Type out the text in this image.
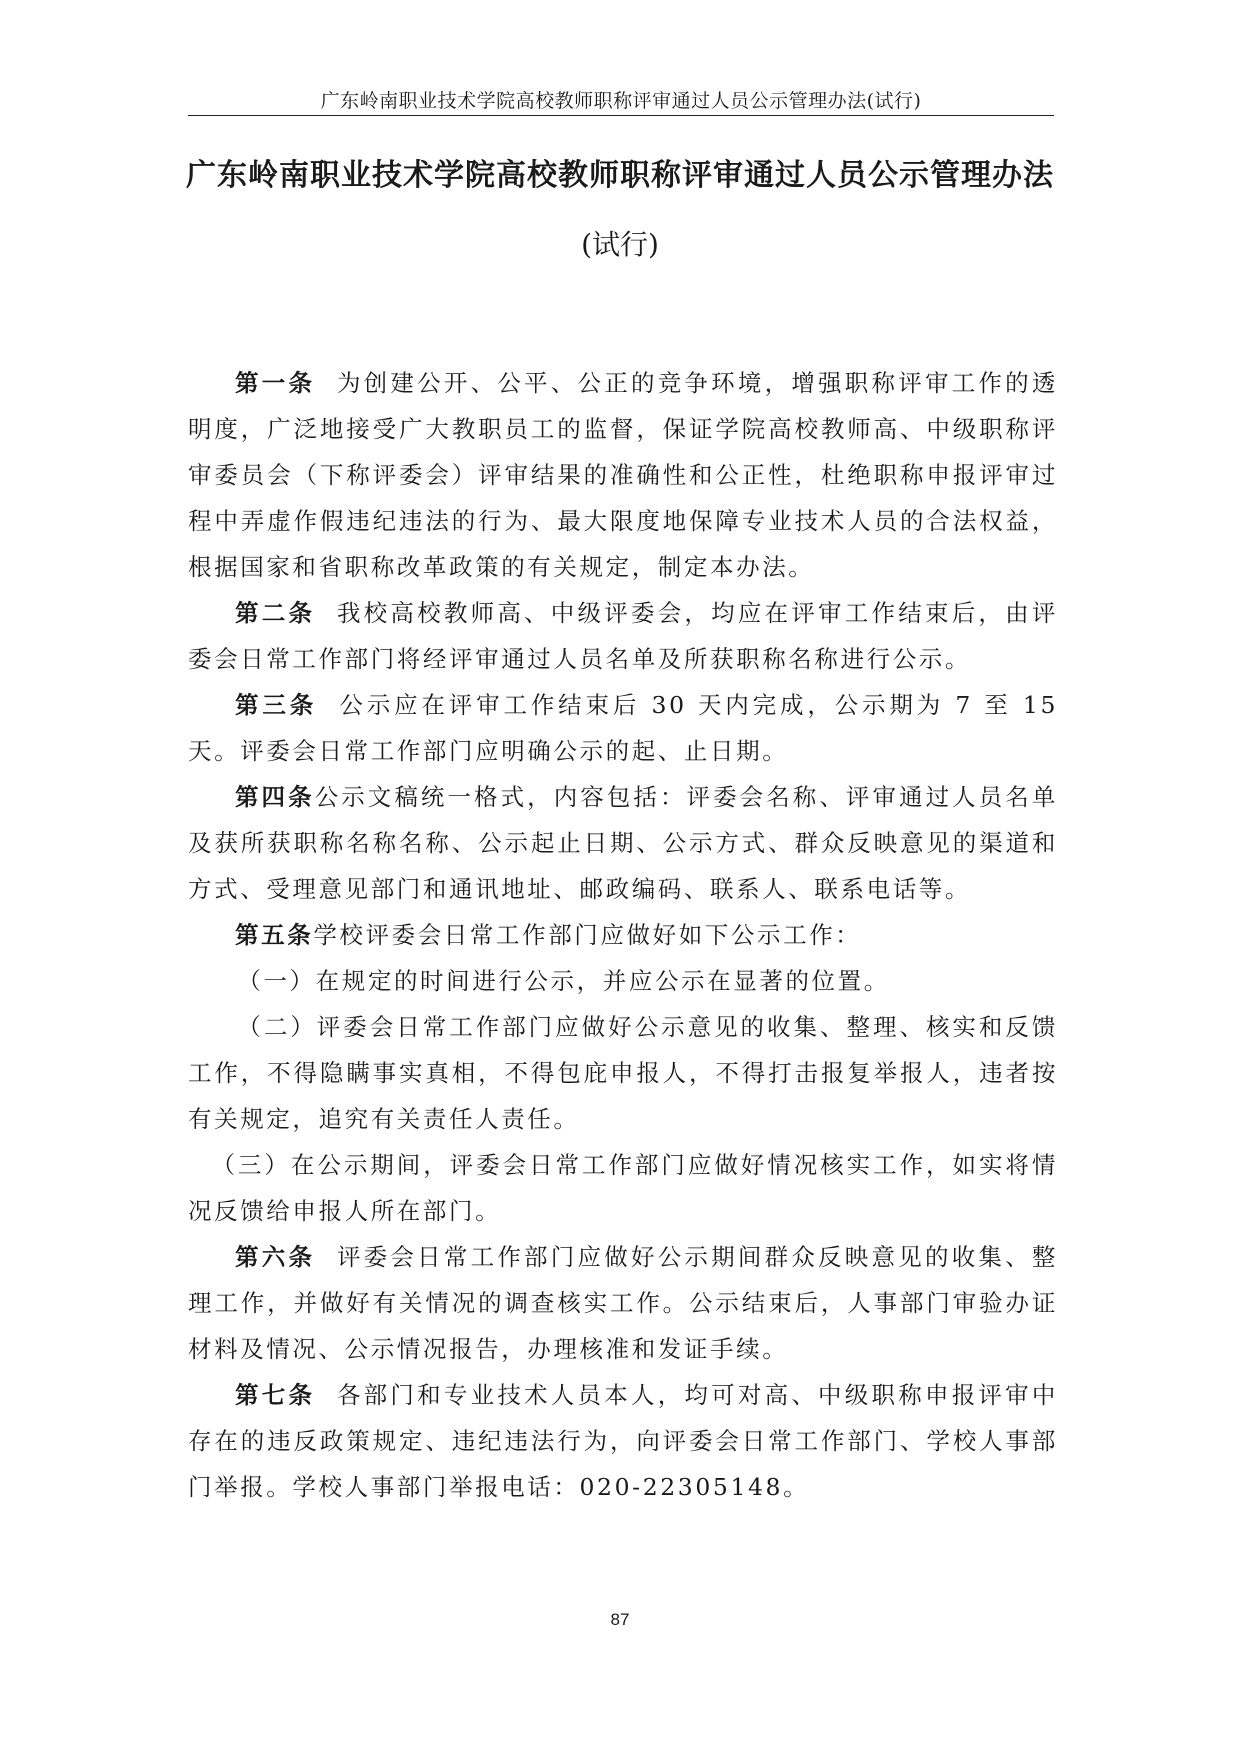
广东岭南职业技术学院高校教师职称评审通过人员公示管理办法(试行)
广东岭南职业技术学院高校教师职称评审通过人员公示管理办法
(试行)

第一条 为创建公开、公平、公正的竞争环境，增强职称评审工作的透明度，广泛地接受广大教职员工的监督，保证学院高校教师高、中级职称评审委员会（下称评委会）评审结果的准确性和公正性，杜绝职称申报评审过程中弄虚作假违纪违法的行为、最大限度地保障专业技术人员的合法权益，根据国家和省职称改革政策的有关规定，制定本办法。

第二条 我校高校教师高、中级评委会，均应在评审工作结束后，由评委会日常工作部门将经评审通过人员名单及所获职称名称进行公示。

第三条 公示应在评审工作结束后 30 天内完成，公示期为 7 至 15 天。评委会日常工作部门应明确公示的起、止日期。

第四条公示文稿统一格式，内容包括：评委会名称、评审通过人员名单及获所获职称名称名称、公示起止日期、公示方式、群众反映意见的渠道和方式、受理意见部门和通讯地址、邮政编码、联系人、联系电话等。

第五条学校评委会日常工作部门应做好如下公示工作：

（一）在规定的时间进行公示，并应公示在显著的位置。

（二）评委会日常工作部门应做好公示意见的收集、整理、核实和反馈工作，不得隐瞒事实真相，不得包庇申报人，不得打击报复举报人，违者按有关规定，追究有关责任人责任。

（三）在公示期间，评委会日常工作部门应做好情况核实工作，如实将情况反馈给申报人所在部门。

第六条 评委会日常工作部门应做好公示期间群众反映意见的收集、整理工作，并做好有关情况的调查核实工作。公示结束后，人事部门审验办证材料及情况、公示情况报告，办理核准和发证手续。

第七条 各部门和专业技术人员本人，均可对高、中级职称申报评审中存在的违反政策规定、违纪违法行为，向评委会日常工作部门、学校人事部门举报。学校人事部门举报电话：020-22305148。

87
